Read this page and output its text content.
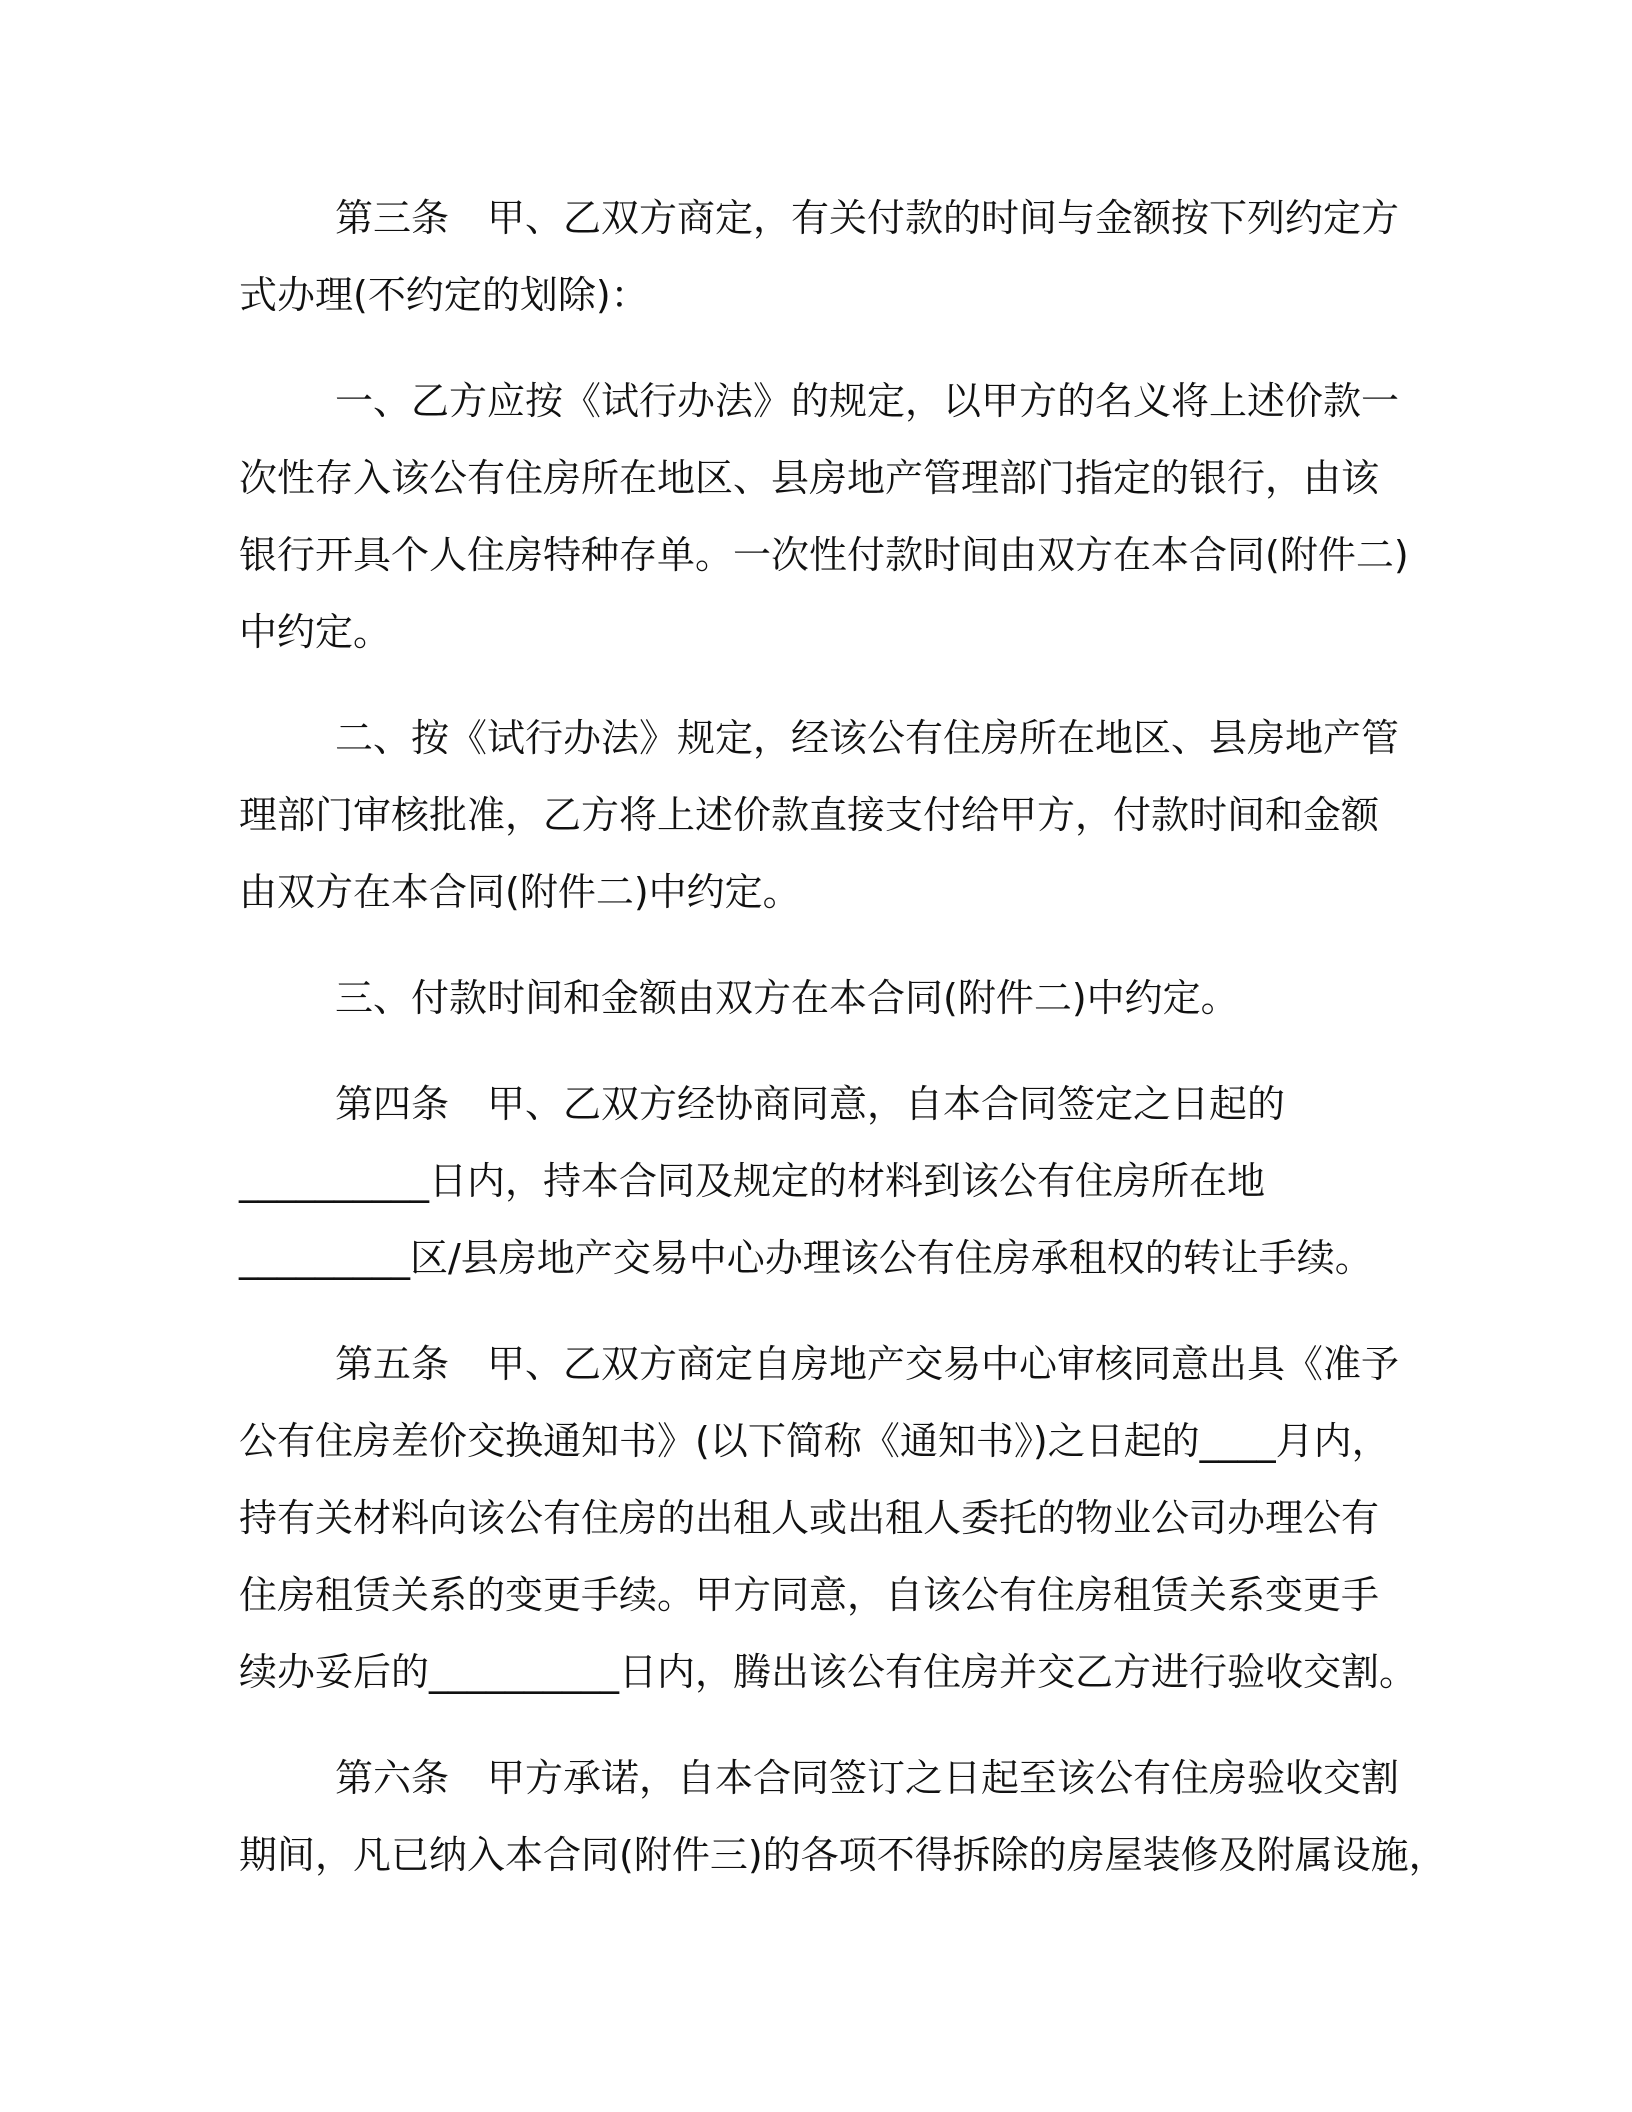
第三条　甲、乙双方商定，有关付款的时间与金额按下列约定方
式办理(不约定的划除)：
一、乙方应按《试行办法》的规定，以甲方的名义将上述价款一
次性存入该公有住房所在地区、县房地产管理部门指定的银行，由该
银行开具个人住房特种存单。一次性付款时间由双方在本合同(附件二)
中约定。
二、按《试行办法》规定，经该公有住房所在地区、县房地产管
理部门审核批准，乙方将上述价款直接支付给甲方，付款时间和金额
由双方在本合同(附件二)中约定。
三、付款时间和金额由双方在本合同(附件二)中约定。
第四条　甲、乙双方经协商同意，自本合同签定之日起的
__________日内，持本合同及规定的材料到该公有住房所在地
_________区/县房地产交易中心办理该公有住房承租权的转让手续。
第五条　甲、乙双方商定自房地产交易中心审核同意出具《准予
公有住房差价交换通知书》(以下简称《通知书》)之日起的____月内，
持有关材料向该公有住房的出租人或出租人委托的物业公司办理公有
住房租赁关系的变更手续。甲方同意，自该公有住房租赁关系变更手
续办妥后的__________日内，腾出该公有住房并交乙方进行验收交割。
第六条　甲方承诺，自本合同签订之日起至该公有住房验收交割
期间，凡已纳入本合同(附件三)的各项不得拆除的房屋装修及附属设施，
